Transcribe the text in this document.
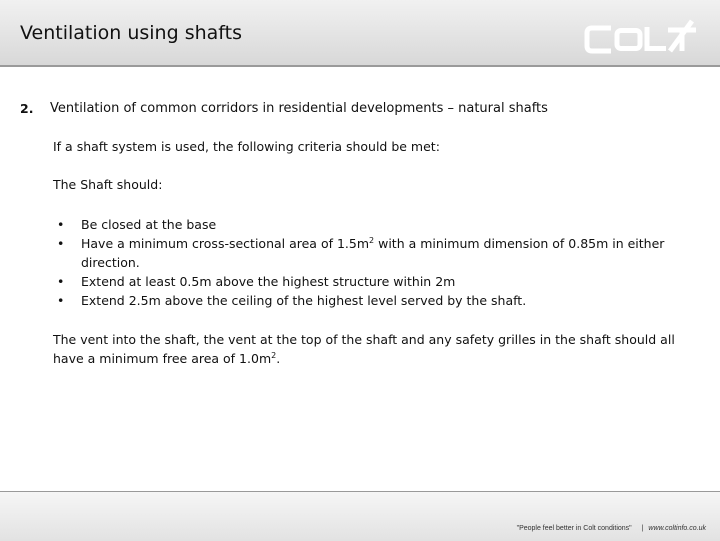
Ventilation using shafts
2. Ventilation of common corridors in residential developments – natural shafts
If a shaft system is used, the following criteria should be met:
The Shaft should:
• Be closed at the base
• Have a minimum cross-sectional area of $1.5m^2$ with a minimum dimension of 0.85m in either direction.
• Extend at least 0.5m above the highest structure within 2m
• Extend 2.5m above the ceiling of the highest level served by the shaft.
The vent into the shaft, the vent at the top of the shaft and any safety grilles in the shaft should all have a minimum free area of $1.0m^2$.
"People feel better in Colt conditions" | www.coltinfo.co.uk
